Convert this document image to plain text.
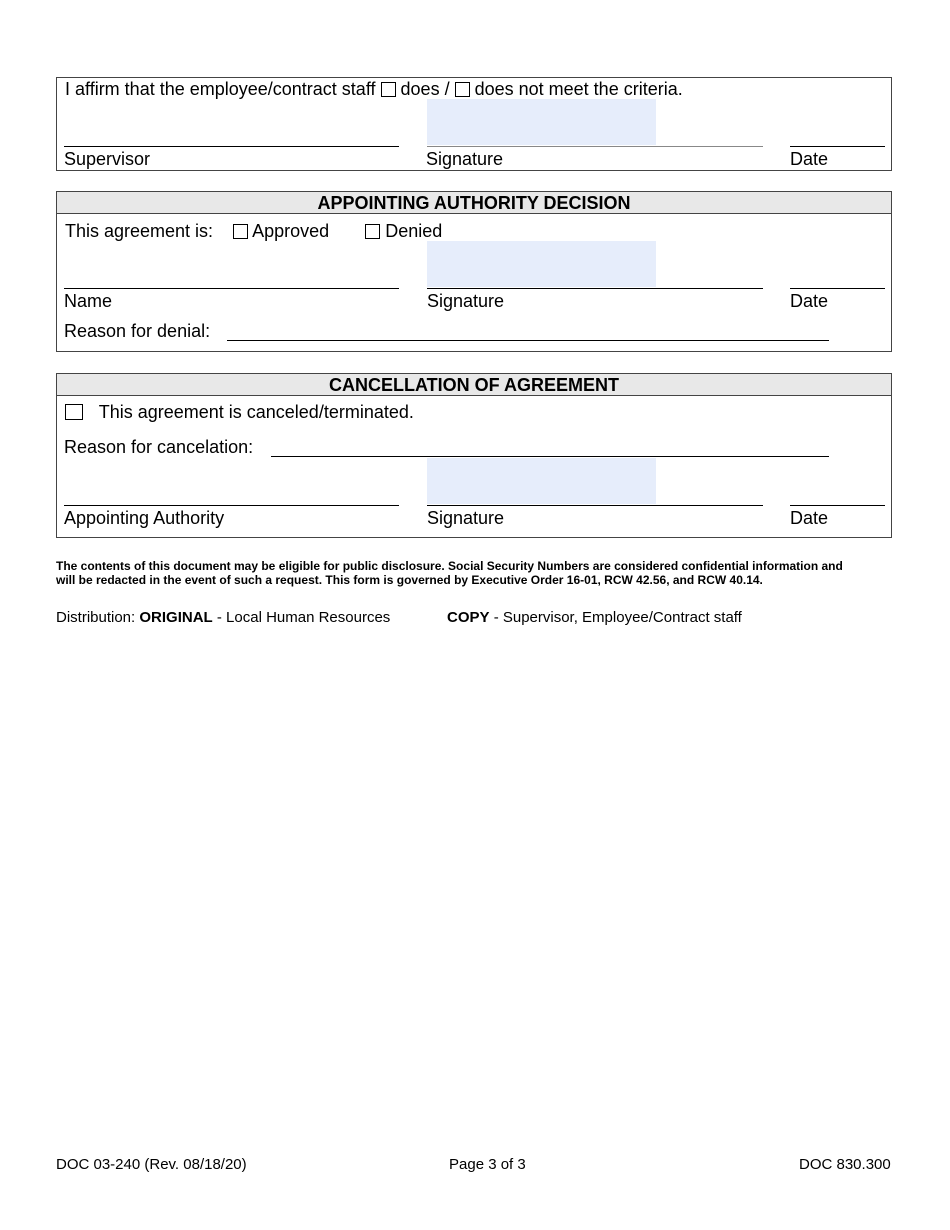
I affirm that the employee/contract staff does / does not meet the criteria.
Supervisor	Signature	Date
APPOINTING AUTHORITY DECISION
This agreement is: Approved	Denied
Name	Signature	Date
Reason for denial:
CANCELLATION OF AGREEMENT
This agreement is canceled/terminated.
Reason for cancelation:
Appointing Authority	Signature	Date
The contents of this document may be eligible for public disclosure. Social Security Numbers are considered confidential information and
will be redacted in the event of such a request. This form is governed by Executive Order 16-01, RCW 42.56, and RCW 40.14.
Distribution: ORIGINAL - Local Human Resources	COPY - Supervisor, Employee/Contract staff
DOC 03-240 (Rev. 08/18/20)	Page 3 of 3	DOC 830.300
